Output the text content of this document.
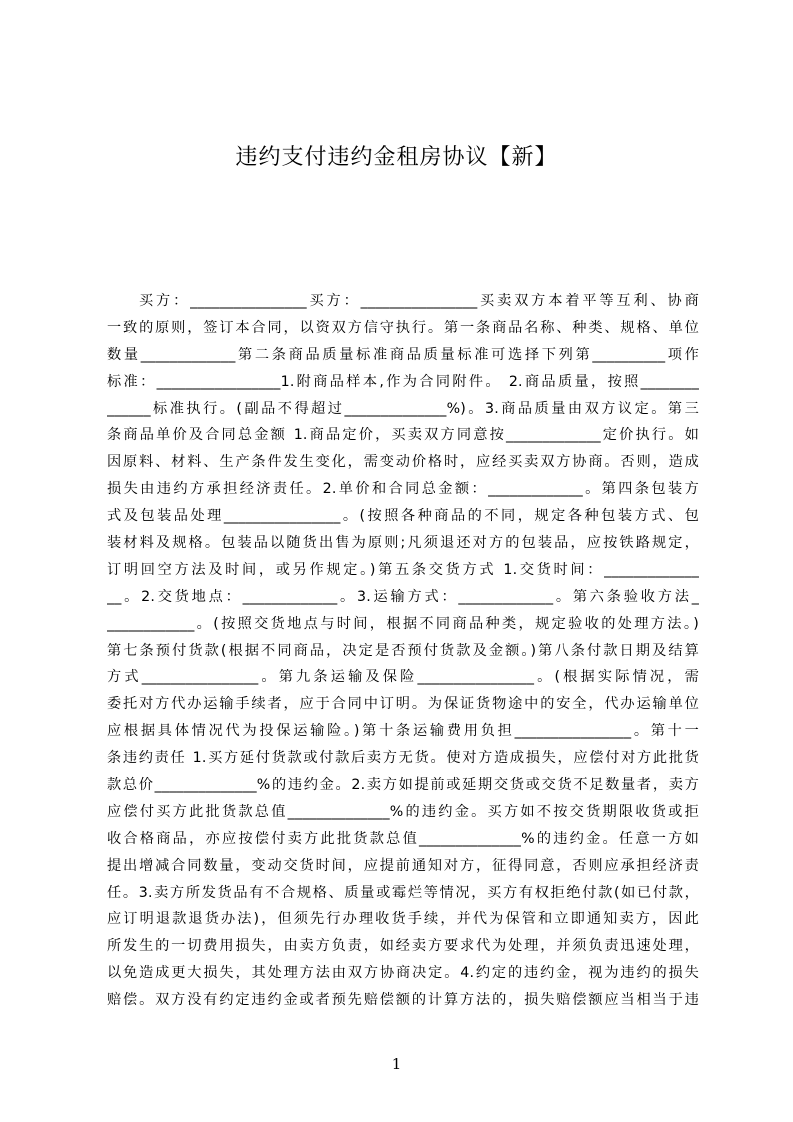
违约支付违约金租房协议【新】
买方：________________买方：________________买卖双方本着平等互利、协商
一致的原则，签订本合同，以资双方信守执行。第一条商品名称、种类、规格、单位
数量_____________第二条商品质量标准商品质量标准可选择下列第__________项作
标准：_________________1.附商品样本,作为合同附件。 2.商品质量，按照________
______标准执行。(副品不得超过______________%)。3.商品质量由双方议定。第三
条商品单价及合同总金额 1.商品定价，买卖双方同意按_____________定价执行。如
因原料、材料、生产条件发生变化，需变动价格时，应经买卖双方协商。否则，造成
损失由违约方承担经济责任。2.单价和合同总金额：_____________。第四条包装方
式及包装品处理________________。(按照各种商品的不同，规定各种包装方式、包
装材料及规格。包装品以随货出售为原则;凡须退还对方的包装品，应按铁路规定，
订明回空方法及时间，或另作规定。)第五条交货方式 1.交货时间：_____________
__。2.交货地点：_____________。3.运输方式：_____________。第六条验收方法_
____________。(按照交货地点与时间，根据不同商品种类，规定验收的处理方法。)
第七条预付货款(根据不同商品，决定是否预付货款及金额。)第八条付款日期及结算
方式________________。第九条运输及保险________________。(根据实际情况，需
委托对方代办运输手续者，应于合同中订明。为保证货物途中的安全，代办运输单位
应根据具体情况代为投保运输险。)第十条运输费用负担________________。第十一
条违约责任 1.买方延付货款或付款后卖方无货。使对方造成损失，应偿付对方此批货
款总价______________%的违约金。2.卖方如提前或延期交货或交货不足数量者，卖方
应偿付买方此批货款总值______________%的违约金。买方如不按交货期限收货或拒
收合格商品，亦应按偿付卖方此批货款总值______________%的违约金。任意一方如
提出增减合同数量，变动交货时间，应提前通知对方，征得同意，否则应承担经济责
任。3.卖方所发货品有不合规格、质量或霉烂等情况，买方有权拒绝付款(如已付款，
应订明退款退货办法)，但须先行办理收货手续，并代为保管和立即通知卖方，因此
所发生的一切费用损失，由卖方负责，如经卖方要求代为处理，并须负责迅速处理，
以免造成更大损失，其处理方法由双方协商决定。4.约定的违约金，视为违约的损失
赔偿。双方没有约定违约金或者预先赔偿额的计算方法的，损失赔偿额应当相当于违
1
